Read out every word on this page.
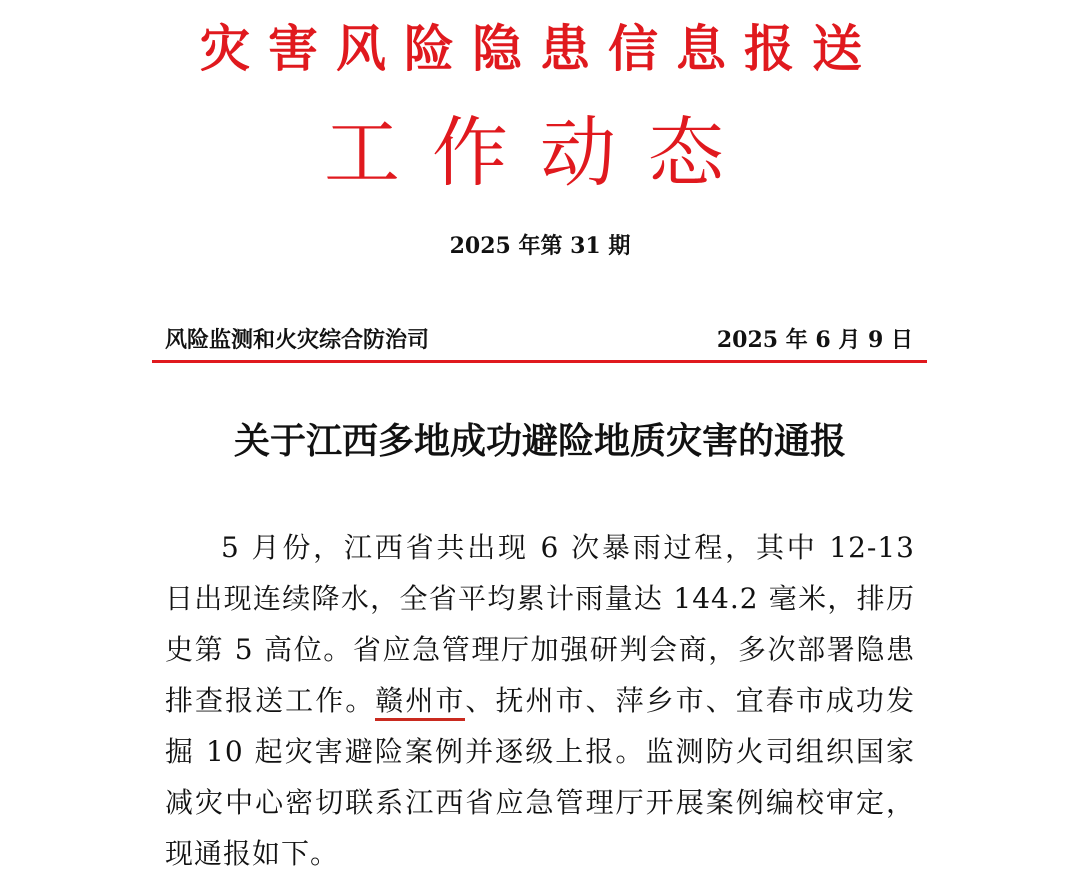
灾害风险隐患信息报送
工作动态
2025 年第 31 期
风险监测和火灾综合防治司	2025 年 6 月 9 日
关于江西多地成功避险地质灾害的通报
5 月份，江西省共出现 6 次暴雨过程，其中 12-13 日出现连续降水，全省平均累计雨量达 144.2 毫米，排历史第 5 高位。省应急管理厅加强研判会商，多次部署隐患排查报送工作。赣州市、抚州市、萍乡市、宜春市成功发掘 10 起灾害避险案例并逐级上报。监测防火司组织国家减灾中心密切联系江西省应急管理厅开展案例编校审定，现通报如下。
